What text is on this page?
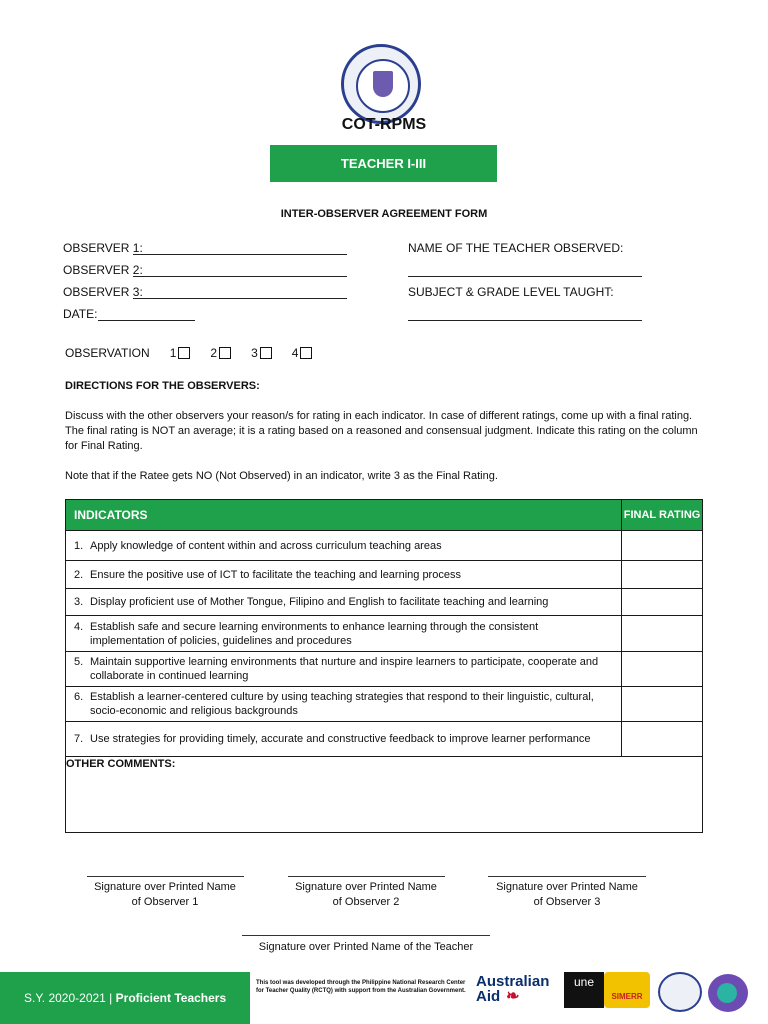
COT-RPMS
TEACHER I-III
INTER-OBSERVER AGREEMENT FORM
OBSERVER 1:
OBSERVER 2:
OBSERVER 3:
DATE:
NAME OF THE TEACHER OBSERVED:
SUBJECT & GRADE LEVEL TAUGHT:
OBSERVATION 1	2	3	4
DIRECTIONS FOR THE OBSERVERS:
Discuss with the other observers your reason/s for rating in each indicator. In case of different ratings, come up with a final rating. The final rating is NOT an average; it is a rating based on a reasoned and consensual judgment. Indicate this rating on the column for Final Rating.
Note that if the Ratee gets NO (Not Observed) in an indicator, write 3 as the Final Rating.
INDICATORS	FINAL RATING
1. Apply knowledge of content within and across curriculum teaching areas	
2. Ensure the positive use of ICT to facilitate the teaching and learning process	
3. Display proficient use of Mother Tongue, Filipino and English to facilitate teaching and learning	
4. Establish safe and secure learning environments to enhance learning through the consistent
implementation of policies, guidelines and procedures	

5. Maintain supportive learning environments that nurture and inspire learners to participate, cooperate and
collaborate in continued learning	

6. Establish a learner-centered culture by using teaching strategies that respond to their linguistic, cultural,
socio-economic and religious backgrounds	

7. Use strategies for providing timely, accurate and constructive feedback to improve learner performance	
OTHER COMMENTS:
Signature over Printed Name
of Observer 1
Signature over Printed Name
of Observer 2
Signature over Printed Name
of Observer 3
Signature over Printed Name of the Teacher
S.Y. 2020-2021 |
Proficient Teachers
This tool was developed through the Philippine National Research Center for Teacher Quality (RCTQ) with support from the Australian Government.
Australian
Aid ❧
une
SIMERR
